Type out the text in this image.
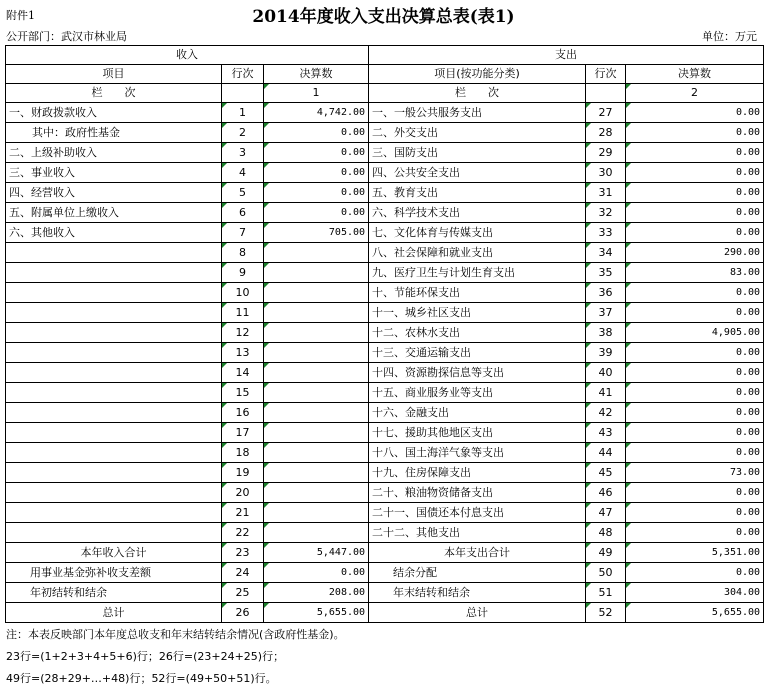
附件1	2014年度收入支出决算总表(表1)
公开部门：武汉市林业局	单位：万元
收入			支出		
项目	行次	决算数	项目(按功能分类)	行次	决算数
栏　　次		1	栏　　次		2
一、财政拨款收入	1	4,742.00	一、一般公共服务支出	27	0.00
其中：政府性基金	2	0.00	二、外交支出	28	0.00
二、上级补助收入	3	0.00	三、国防支出	29	0.00
三、事业收入	4	0.00	四、公共安全支出	30	0.00
四、经营收入	5	0.00	五、教育支出	31	0.00
五、附属单位上缴收入	6	0.00	六、科学技术支出	32	0.00
六、其他收入	7	705.00	七、文化体育与传媒支出	33	0.00
	8		八、社会保障和就业支出	34	290.00
	9		九、医疗卫生与计划生育支出	35	83.00
	10		十、节能环保支出	36	0.00
	11		十一、城乡社区支出	37	0.00
	12		十二、农林水支出	38	4,905.00
	13		十三、交通运输支出	39	0.00
	14		十四、资源勘探信息等支出	40	0.00
	15		十五、商业服务业等支出	41	0.00
	16		十六、金融支出	42	0.00
	17		十七、援助其他地区支出	43	0.00
	18		十八、国土海洋气象等支出	44	0.00
	19		十九、住房保障支出	45	73.00
	20		二十、粮油物资储备支出	46	0.00
	21		二十一、国债还本付息支出	47	0.00
	22		二十二、其他支出	48	0.00
本年收入合计	23	5,447.00	本年支出合计	49	5,351.00
用事业基金弥补收支差额	24	0.00	结余分配	50	0.00
年初结转和结余	25	208.00	年末结转和结余	51	304.00
总计	26	5,655.00	总计	52	5,655.00
注：本表反映部门本年度总收支和年末结转结余情况(含政府性基金)。
23行=(1+2+3+4+5+6)行；26行=(23+24+25)行；
49行=(28+29+…+48)行；52行=(49+50+51)行。
